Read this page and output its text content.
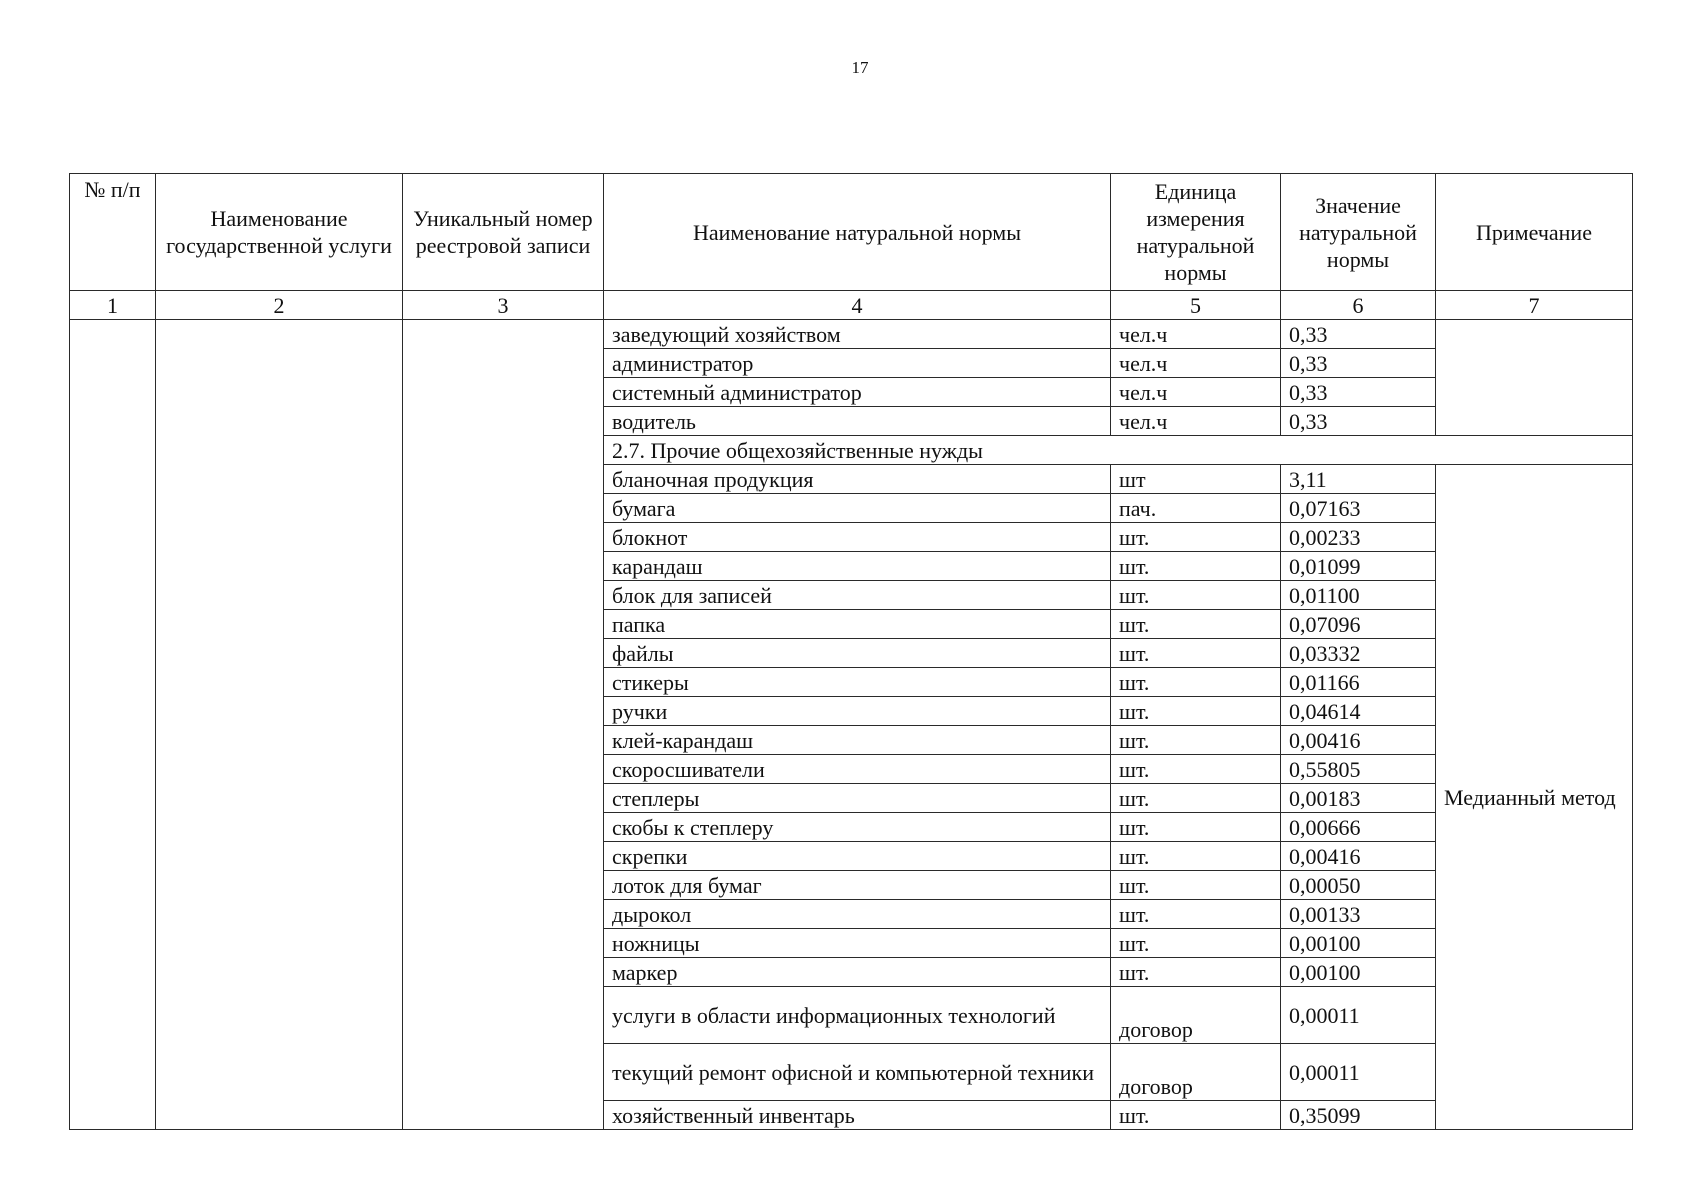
17
№ п/п	Наименование государственной услуги	Уникальный номер реестровой записи	Наименование натуральной нормы	Единица измерения натуральной нормы	Значение натуральной нормы	Примечание
1	2	3	4	5	6	7
			заведующий хозяйством	чел.ч	0,33	
			администратор	чел.ч	0,33	
			системный администратор	чел.ч	0,33	
			водитель	чел.ч	0,33	
			2.7. Прочие общехозяйственные нужды			
			бланочная продукция	шт	3,11	Медианный метод
			бумага	пач.	0,07163	
			блокнот	шт.	0,00233	
			карандаш	шт.	0,01099	
			блок для записей	шт.	0,01100	
			папка	шт.	0,07096	
			файлы	шт.	0,03332	
			стикеры	шт.	0,01166	
			ручки	шт.	0,04614	
			клей-карандаш	шт.	0,00416	
			скоросшиватели	шт.	0,55805	
			степлеры	шт.	0,00183	
			скобы к степлеру	шт.	0,00666	
			скрепки	шт.	0,00416	
			лоток для бумаг	шт.	0,00050	
			дырокол	шт.	0,00133	
			ножницы	шт.	0,00100	
			маркер	шт.	0,00100	
			услуги в области информационных технологий	договор	0,00011	
			текущий ремонт офисной и компьютерной техники	договор	0,00011	
			хозяйственный инвентарь	шт.	0,35099	
